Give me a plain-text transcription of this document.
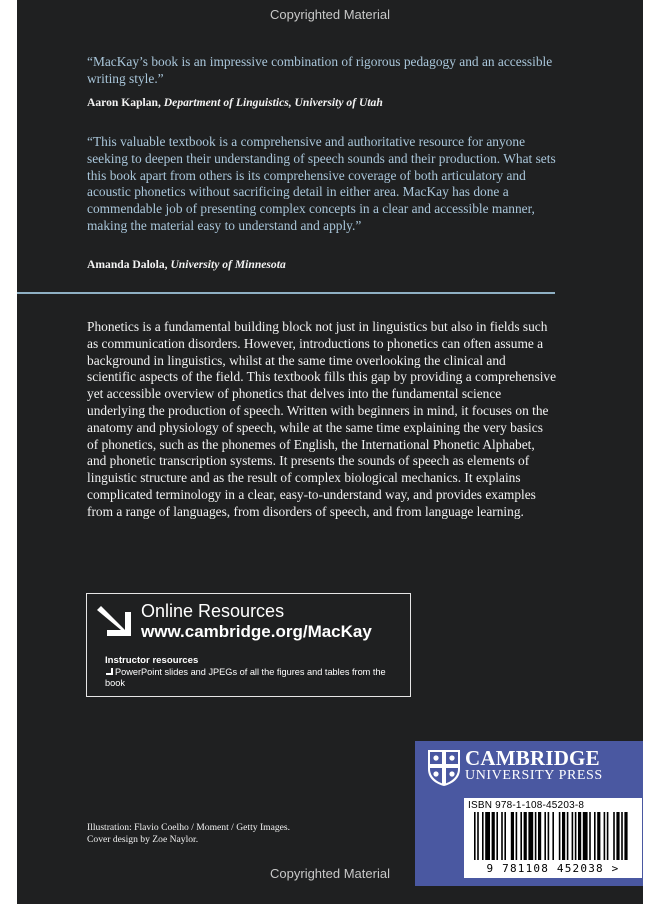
Copyrighted Material
“MacKay’s book is an impressive combination of rigorous pedagogy and an accessible writing style.”
Aaron Kaplan, Department of Linguistics, University of Utah
“This valuable textbook is a comprehensive and authoritative resource for anyone seeking to deepen their understanding of speech sounds and their production. What sets this book apart from others is its comprehensive coverage of both articulatory and acoustic phonetics without sacrificing detail in either area. MacKay has done a commendable job of presenting complex concepts in a clear and accessible manner, making the material easy to understand and apply.”
Amanda Dalola, University of Minnesota
Phonetics is a fundamental building block not just in linguistics but also in fields such as communication disorders. However, introductions to phonetics can often assume a background in linguistics, whilst at the same time overlooking the clinical and scientific aspects of the field. This textbook fills this gap by providing a comprehensive yet accessible overview of phonetics that delves into the fundamental science underlying the production of speech. Written with beginners in mind, it focuses on the anatomy and physiology of speech, while at the same time explaining the very basics of phonetics, such as the phonemes of English, the International Phonetic Alphabet, and phonetic transcription systems. It presents the sounds of speech as elements of linguistic structure and as the result of complex biological mechanics. It explains complicated terminology in a clear, easy-to-understand way, and provides examples from a range of languages, from disorders of speech, and from language learning.
Online Resources
www.cambridge.org/MacKay
Instructor resources
PowerPoint slides and JPEGs of all the figures and tables from the book
Illustration: Flavio Coelho / Moment / Getty Images.
Cover design by Zoe Naylor.
CAMBRIDGE
UNIVERSITY PRESS
ISBN 978-1-108-45203-8
9 781108 452038 >
Copyrighted Material
